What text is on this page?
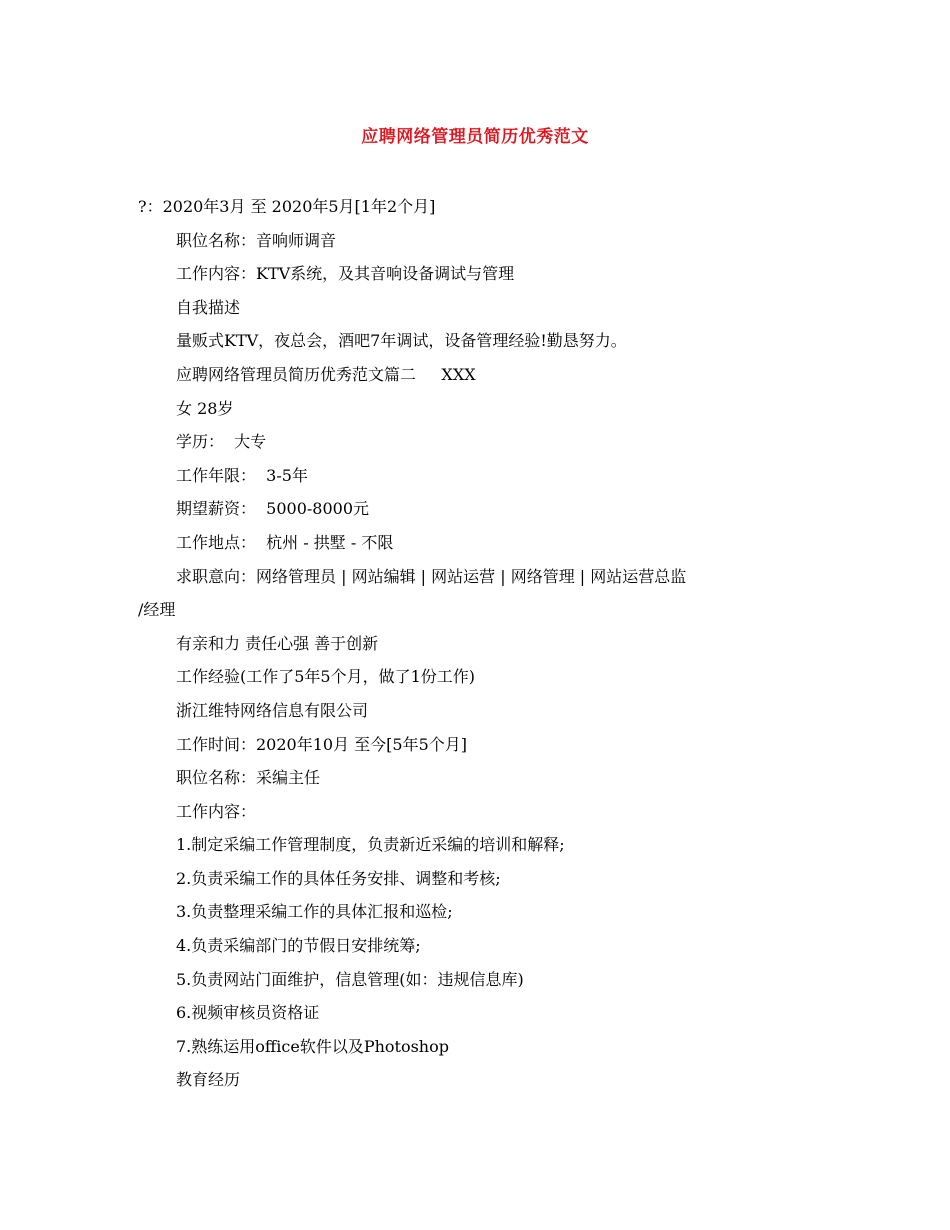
应聘网络管理员简历优秀范文
?：2020年3月 至 2020年5月[1年2个月]
职位名称：音响师调音
工作内容：KTV系统，及其音响设备调试与管理
自我描述
量贩式KTV，夜总会，酒吧7年调试，设备管理经验!勤恳努力。
应聘网络管理员简历优秀范文篇二     XXX
女 28岁
学历：  大专
工作年限：  3-5年
期望薪资：  5000-8000元
工作地点：  杭州 - 拱墅 - 不限
求职意向：网络管理员 | 网站编辑 | 网站运营 | 网络管理 | 网站运营总监
/经理
有亲和力 责任心强 善于创新
工作经验(工作了5年5个月，做了1份工作)
浙江维特网络信息有限公司
工作时间：2020年10月 至今[5年5个月]
职位名称：采编主任
工作内容：
1.制定采编工作管理制度，负责新近采编的培训和解释;
2.负责采编工作的具体任务安排、调整和考核;
3.负责整理采编工作的具体汇报和巡检;
4.负责采编部门的节假日安排统筹;
5.负责网站门面维护，信息管理(如：违规信息库)
6.视频审核员资格证
7.熟练运用office软件以及Photoshop
教育经历
